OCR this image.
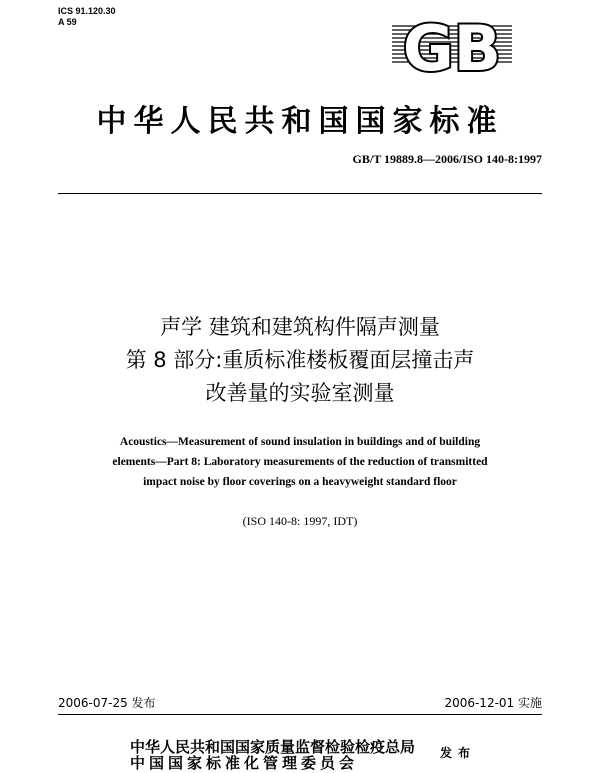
ICS 91.120.30
A 59	GB
中华人民共和国国家标准
GB/T 19889.8—2006/ISO 140-8:1997
声学 建筑和建筑构件隔声测量
第 8 部分:重质标准楼板覆面层撞击声
改善量的实验室测量
Acoustics—Measurement of sound insulation in buildings and of building
elements—Part 8: Laboratory measurements of the reduction of transmitted
impact noise by floor coverings on a heavyweight standard floor
(ISO 140-8: 1997, IDT)
2006-07-25 发布	2006-12-01 实施
中华人民共和国国家质量监督检验检疫总局
中国国家标准化管理委员会
发布
